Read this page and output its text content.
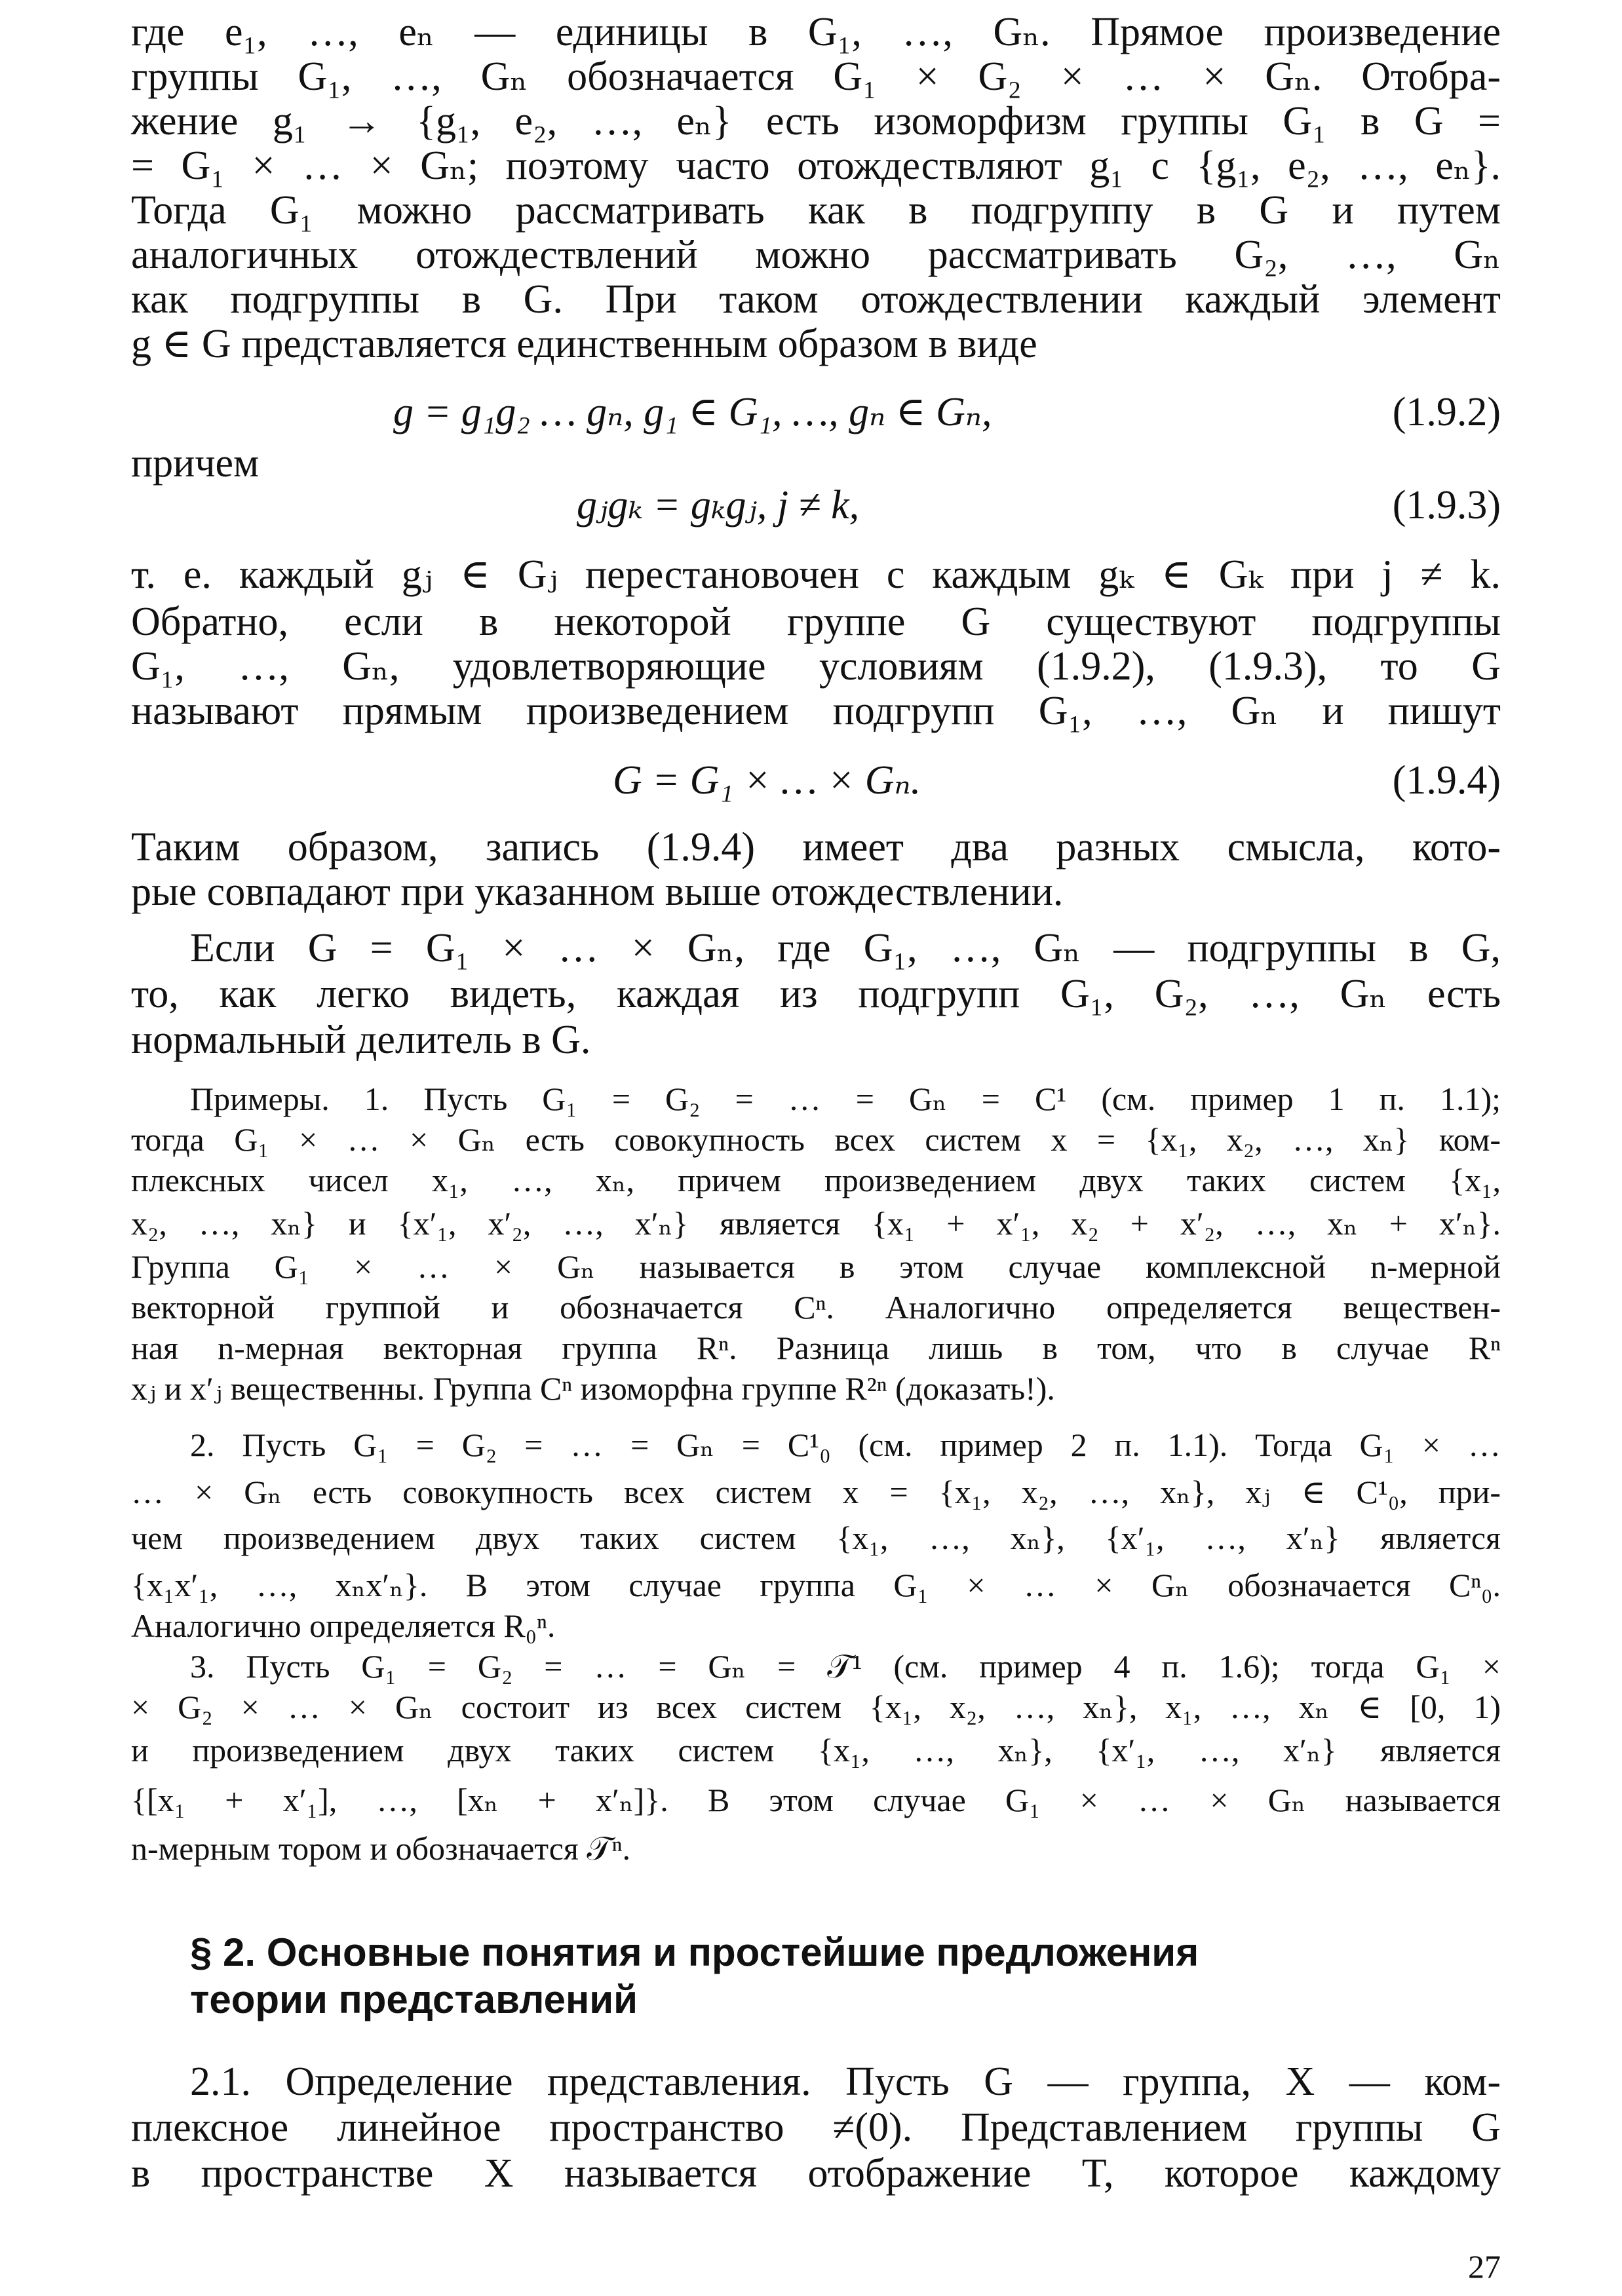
где e₁, …, eₙ — единицы в G₁, …, Gₙ. Прямое произведение
группы G₁, …, Gₙ обозначается G₁ × G₂ × … × Gₙ. Отобра-
жение g₁ → {g₁, e₂, …, eₙ} есть изоморфизм группы G₁ в G =
= G₁ × … × Gₙ; поэтому часто отождествляют g₁ с {g₁, e₂, …, eₙ}.
Тогда G₁ можно рассматривать как в подгруппу в G и путем
аналогичных отождествлений можно рассматривать G₂, …, Gₙ
как подгруппы в G. При таком отождествлении каждый элемент
g ∈ G представляется единственным образом в виде
g = g₁g₂ … gₙ, g₁ ∈ G₁, …, gₙ ∈ Gₙ,	(1.9.2)
причем
gⱼgₖ = gₖgⱼ, j ≠ k,	(1.9.3)
т. е. каждый gⱼ ∈ Gⱼ перестановочен с каждым gₖ ∈ Gₖ при j ≠ k.
Обратно, если в некоторой группе G существуют подгруппы
G₁, …, Gₙ, удовлетворяющие условиям (1.9.2), (1.9.3), то G
называют прямым произведением подгрупп G₁, …, Gₙ и пишут
G = G₁ × … × Gₙ.	(1.9.4)
Таким образом, запись (1.9.4) имеет два разных смысла, кото-
рые совпадают при указанном выше отождествлении.
Если G = G₁ × … × Gₙ, где G₁, …, Gₙ — подгруппы в G,
то, как легко видеть, каждая из подгрупп G₁, G₂, …, Gₙ есть
нормальный делитель в G.
Примеры. 1. Пусть G₁ = G₂ = … = Gₙ = C¹ (см. пример 1 п. 1.1);
тогда G₁ × … × Gₙ есть совокупность всех систем x = {x₁, x₂, …, xₙ} ком-
плексных чисел x₁, …, xₙ, причем произведением двух таких систем {x₁,
x₂, …, xₙ} и {x′₁, x′₂, …, x′ₙ} является {x₁ + x′₁, x₂ + x′₂, …, xₙ + x′ₙ}.
Группа G₁ × … × Gₙ называется в этом случае комплексной n-мерной
векторной группой и обозначается Cⁿ. Аналогично определяется веществен-
ная n-мерная векторная группа Rⁿ. Разница лишь в том, что в случае Rⁿ
xⱼ и x′ⱼ вещественны. Группа Cⁿ изоморфна группе R²ⁿ (доказать!).
2. Пусть G₁ = G₂ = … = Gₙ = C¹₀ (см. пример 2 п. 1.1). Тогда G₁ × …
… × Gₙ есть совокупность всех систем x = {x₁, x₂, …, xₙ}, xⱼ ∈ C¹₀, при-
чем произведением двух таких систем {x₁, …, xₙ}, {x′₁, …, x′ₙ} является
{x₁x′₁, …, xₙx′ₙ}. В этом случае группа G₁ × … × Gₙ обозначается Cⁿ₀.
Аналогично определяется R₀ⁿ.
3. Пусть G₁ = G₂ = … = Gₙ = 𝒯¹ (см. пример 4 п. 1.6); тогда G₁ ×
× G₂ × … × Gₙ состоит из всех систем {x₁, x₂, …, xₙ}, x₁, …, xₙ ∈ [0, 1)
и произведением двух таких систем {x₁, …, xₙ}, {x′₁, …, x′ₙ} является
{[x₁ + x′₁], …, [xₙ + x′ₙ]}. В этом случае G₁ × … × Gₙ называется
n-мерным тором и обозначается 𝒯ⁿ.
§ 2. Основные понятия и простейшие предложения
теории представлений
2.1. Определение представления. Пусть G — группа, X — ком-
плексное линейное пространство ≠(0). Представлением группы G
в пространстве X называется отображение T, которое каждому
27
